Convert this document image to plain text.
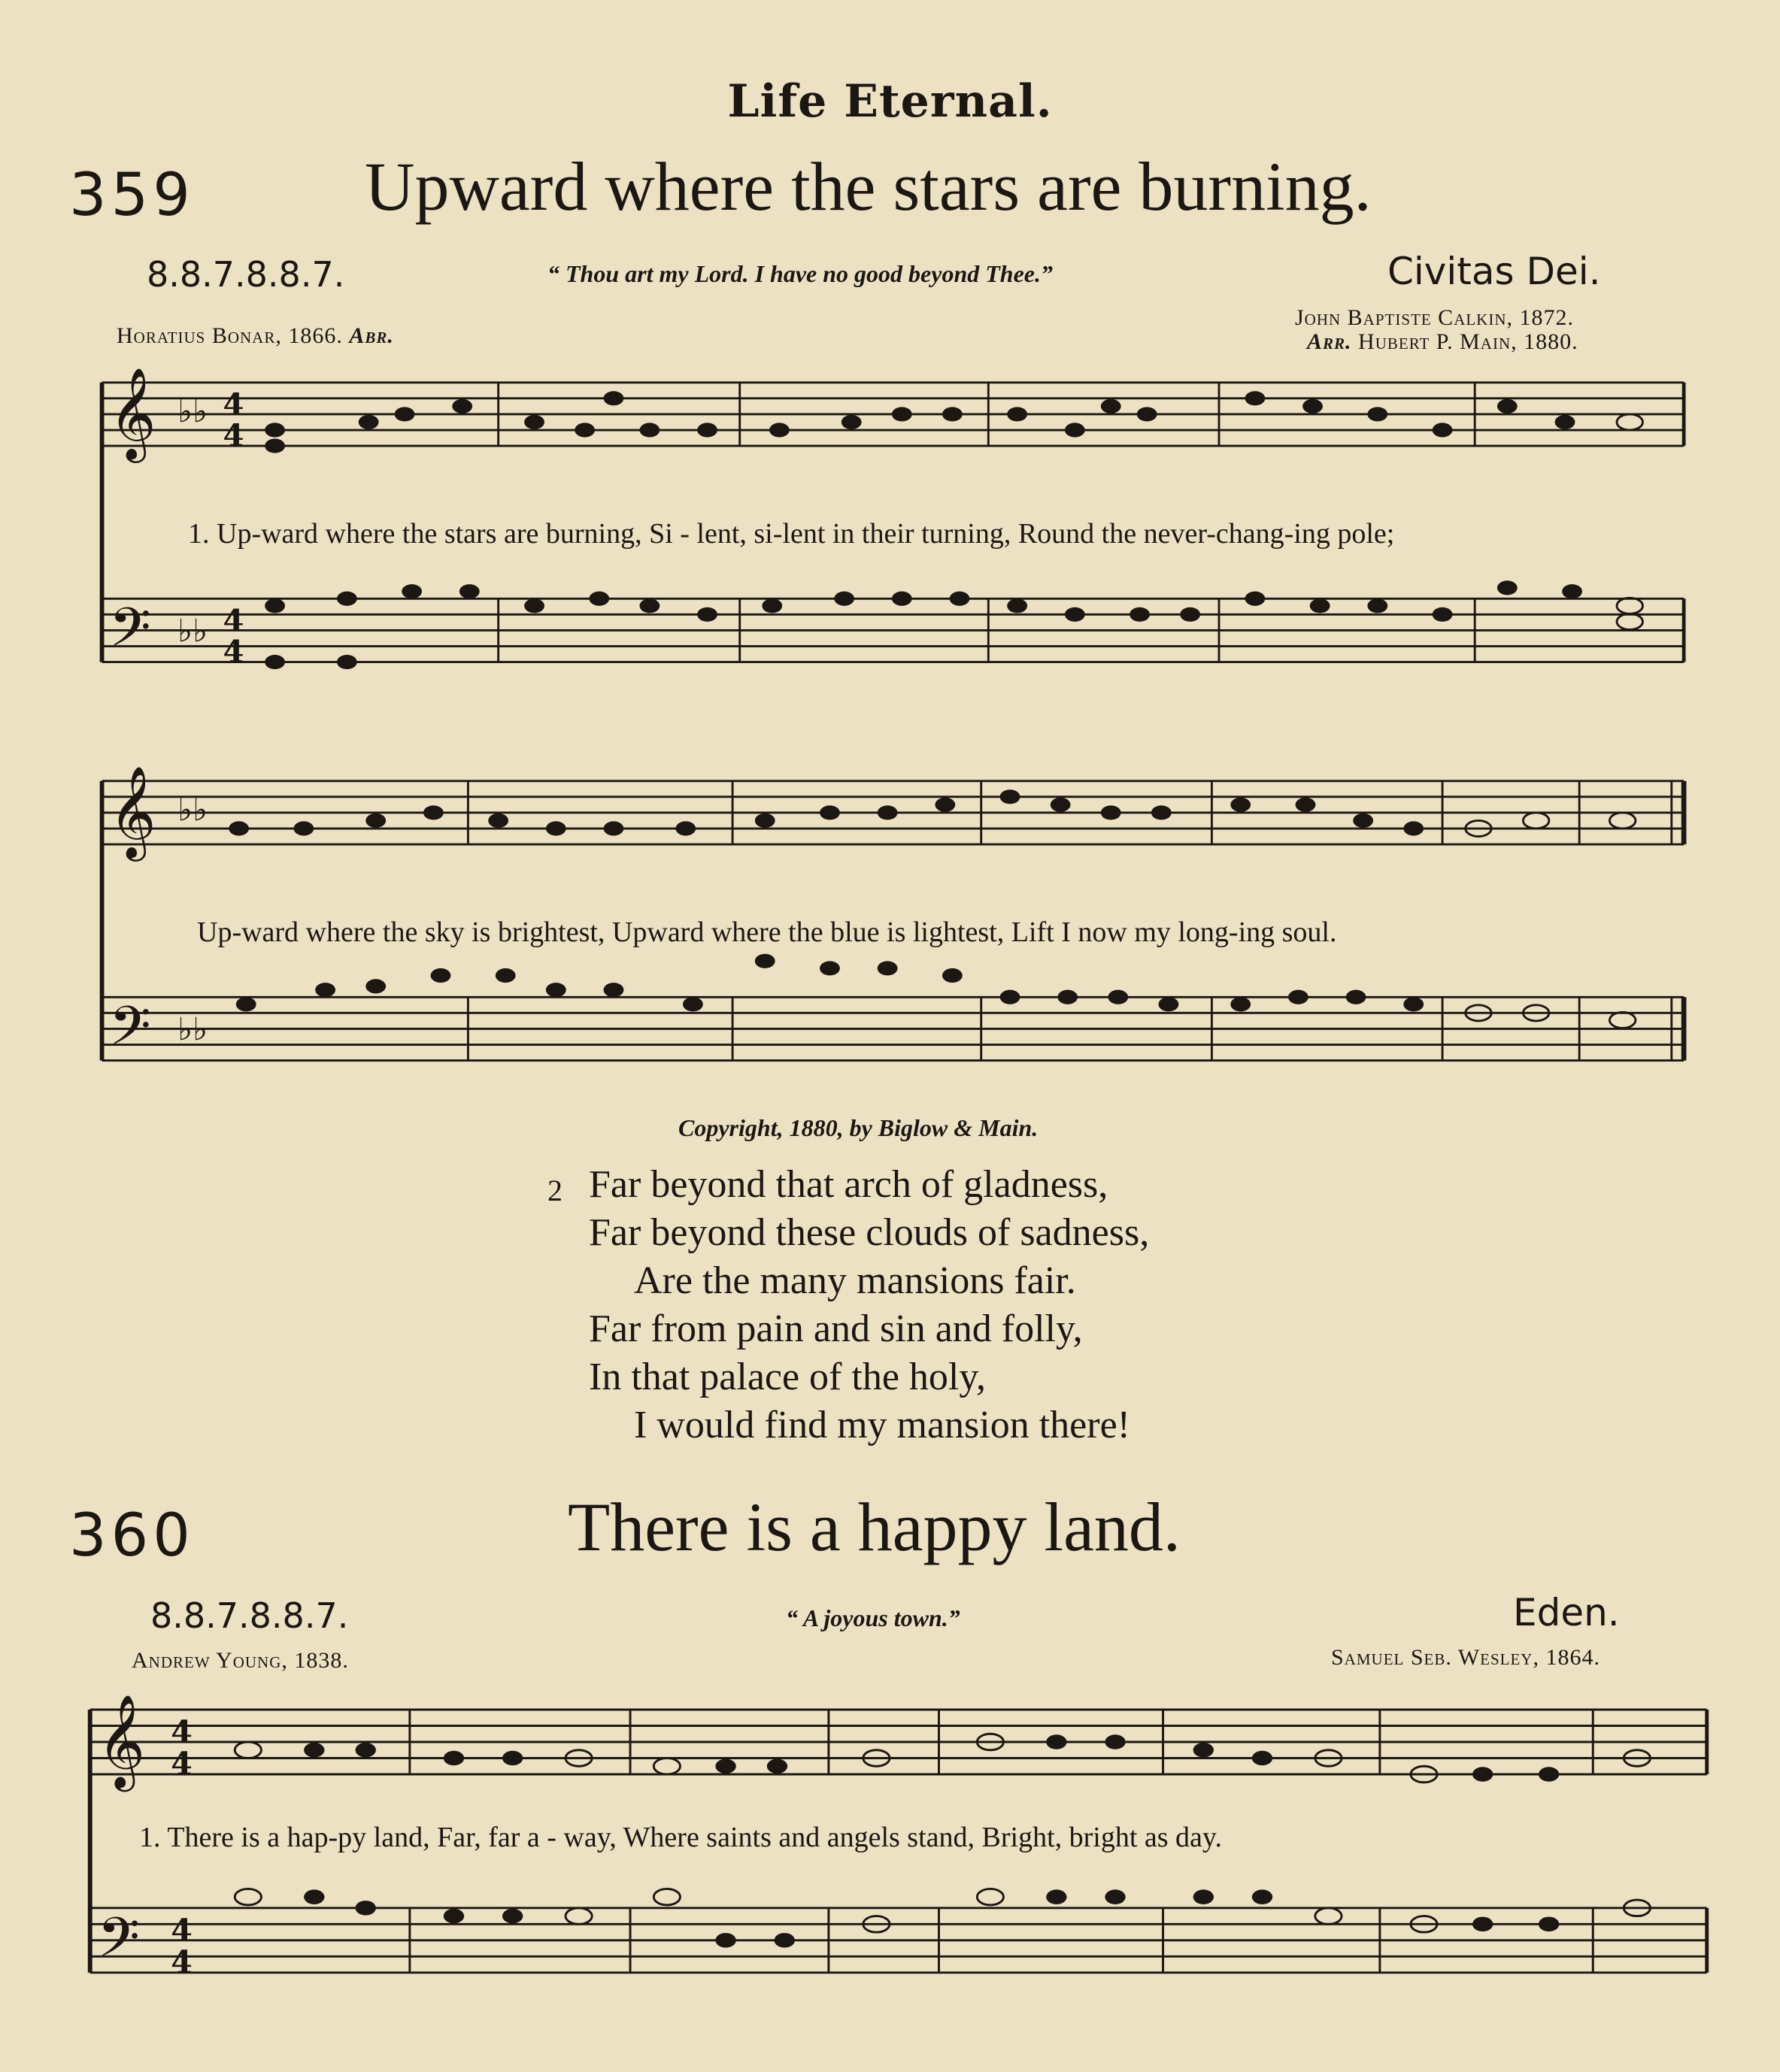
Life Eternal.
359 Upward where the stars are burning.
8.8.7.8.8.7.	“ Thou art my Lord. I have no good beyond Thee.”	Civitas Dei.
Horatius Bonar, 1866. Abr.
John Baptiste Calkin, 1872.
Arr. Hubert P. Main, 1880.
𝄞
𝄢
♭♭ 4
4
♭♭ 4
4
1. Up-ward where the stars are burning, Si - lent, si-lent in their turning, Round the never-chang-ing pole;
𝄞
𝄢
♭♭
♭♭
Up-ward where the sky is brightest, Upward where the blue is lightest, Lift I now my long-ing soul.
Copyright, 1880, by Biglow & Main.
2 Far beyond that arch of gladness,
Far beyond these clouds of sadness,
Are the many mansions fair.
Far from pain and sin and folly,
In that palace of the holy,
I would find my mansion there!
360	There is a happy land.
8.8.7.8.8.7.	“ A joyous town.”	Eden.
Andrew Young, 1838.	Samuel Seb. Wesley, 1864.
𝄞
𝄢
4
4
4
4
1. There is a hap-py land, Far, far a - way, Where saints and angels stand, Bright, bright as day.
